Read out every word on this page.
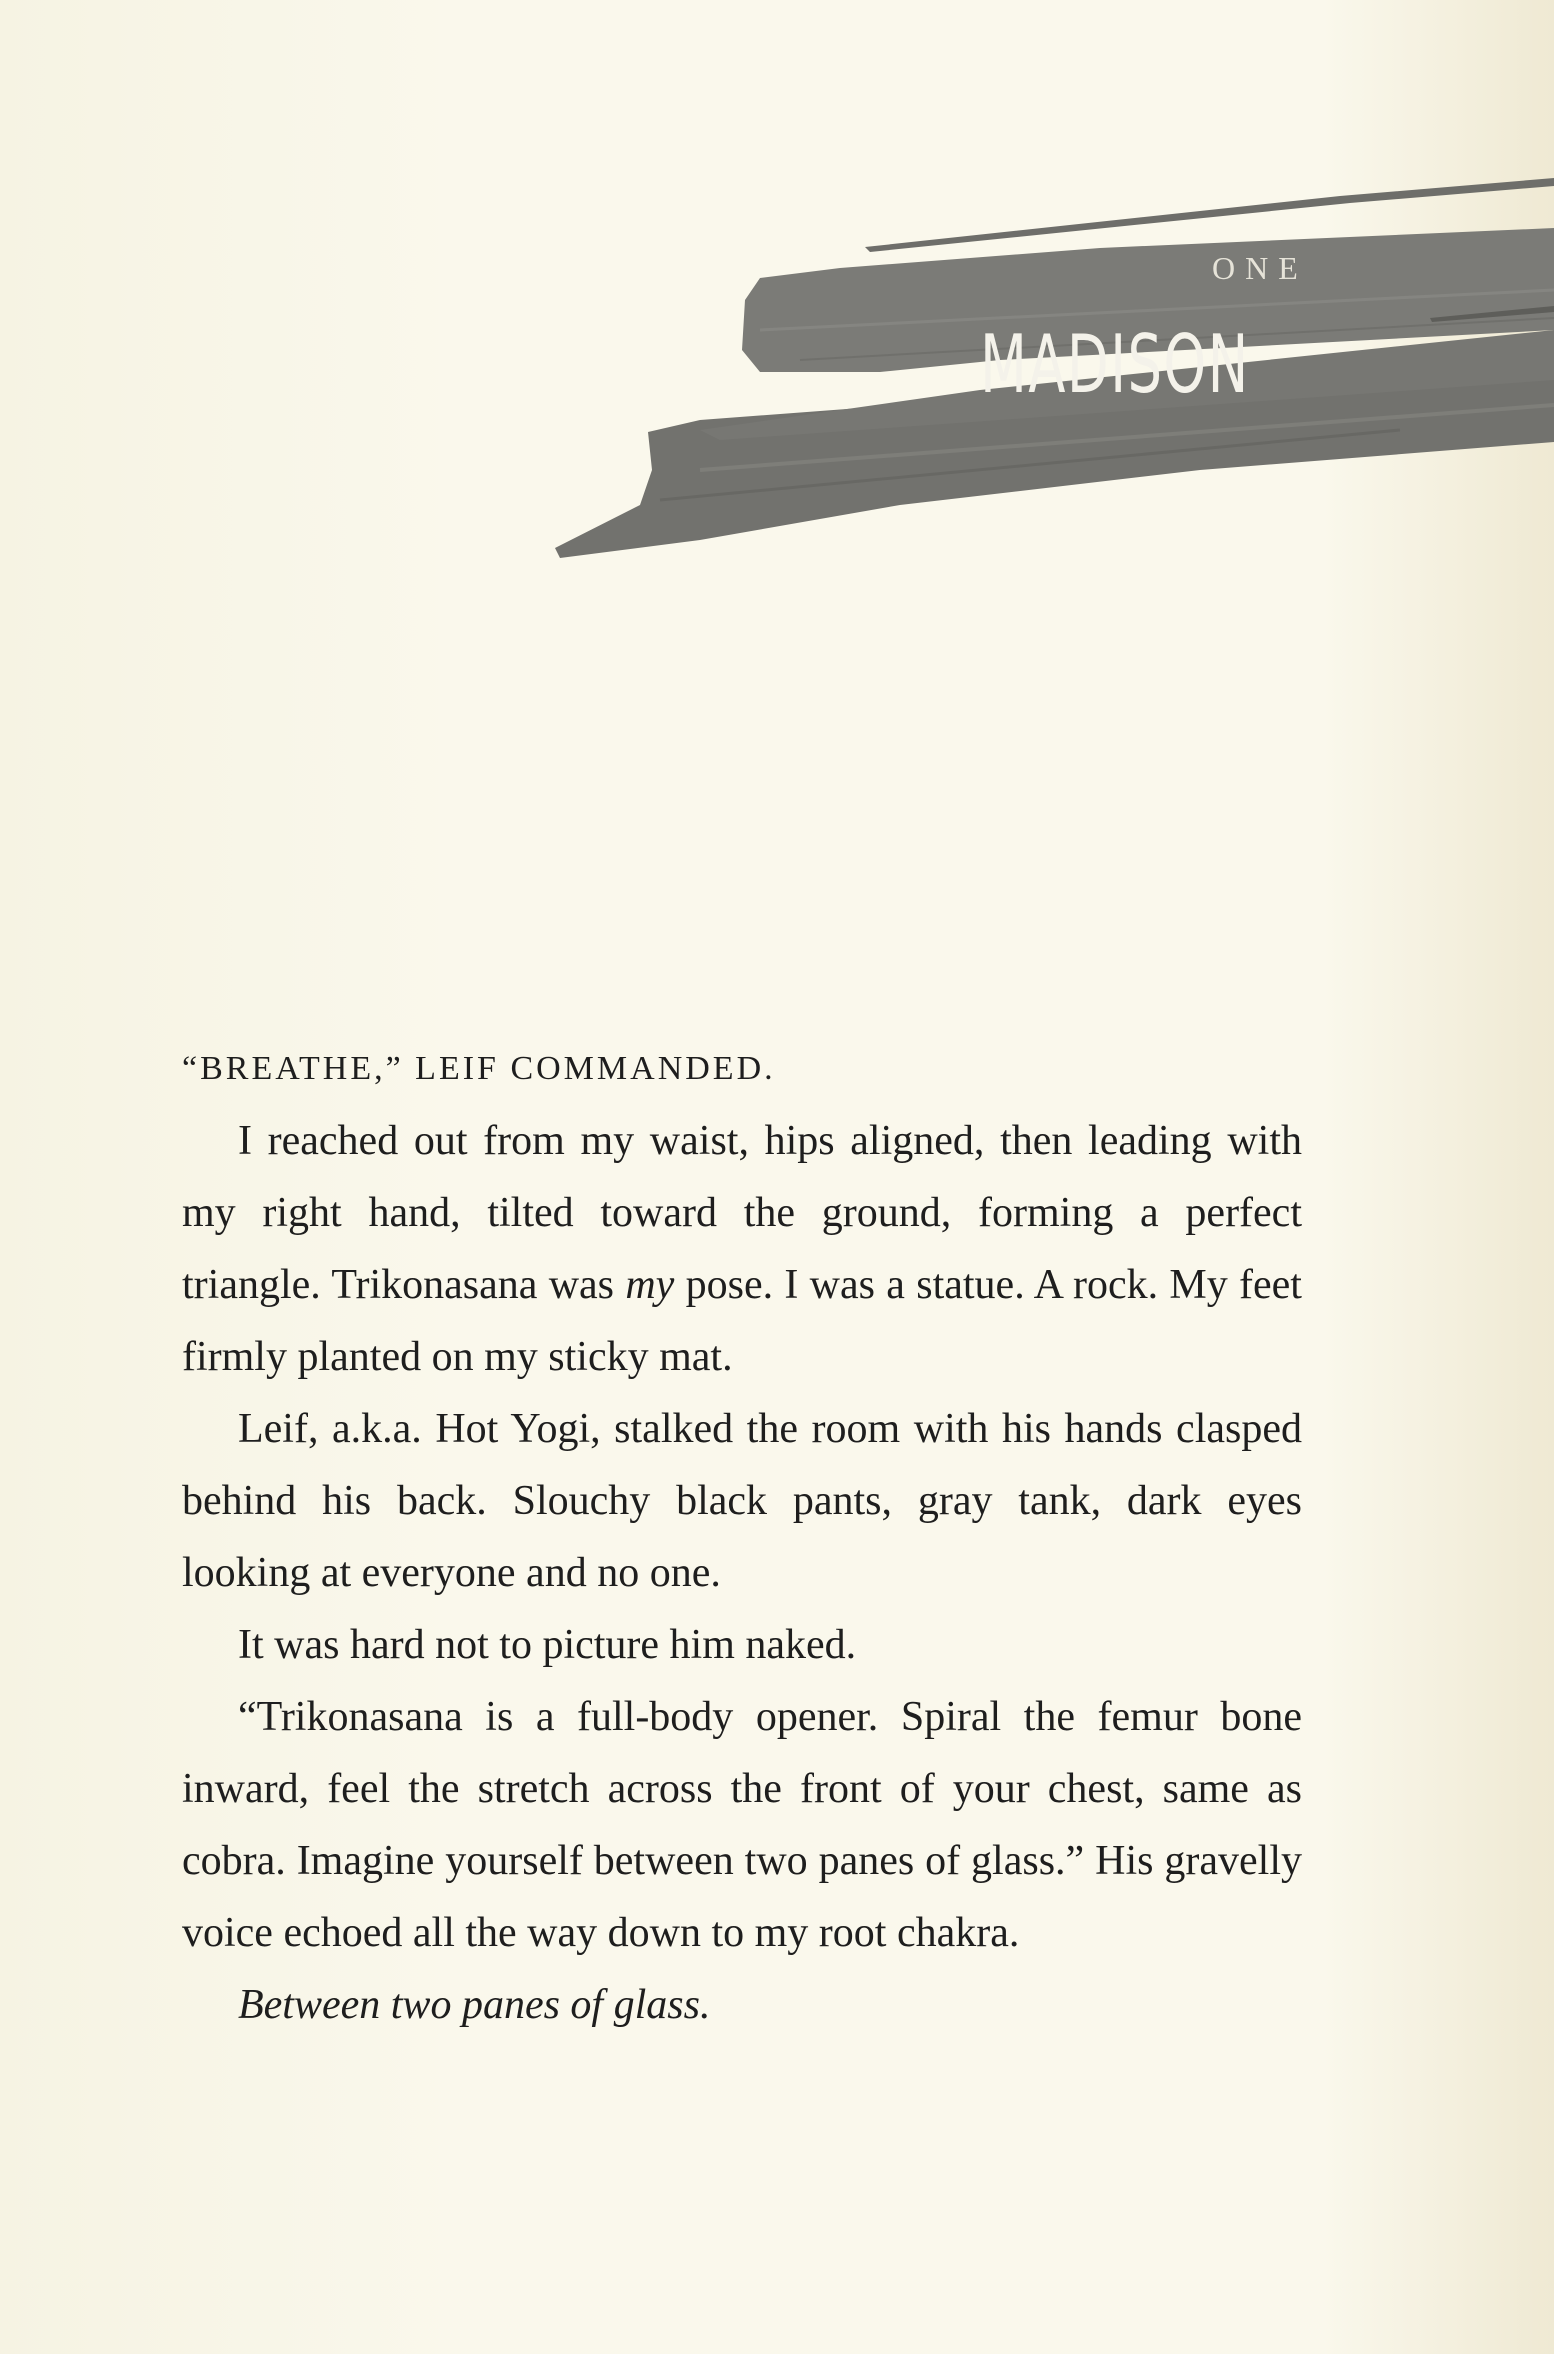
ONE
MADISON

“BREATHE,” LEIF COMMANDED.

I reached out from my waist, hips aligned, then leading with my right hand, tilted toward the ground, forming a perfect triangle. Trikonasana was my pose. I was a statue. A rock. My feet firmly planted on my sticky mat.

Leif, a.k.a. Hot Yogi, stalked the room with his hands clasped behind his back. Slouchy black pants, gray tank, dark eyes looking at everyone and no one.

It was hard not to picture him naked.

“Trikonasana is a full-body opener. Spiral the femur bone inward, feel the stretch across the front of your chest, same as cobra. Imagine yourself between two panes of glass.” His gravelly voice echoed all the way down to my root chakra.

Between two panes of glass.
